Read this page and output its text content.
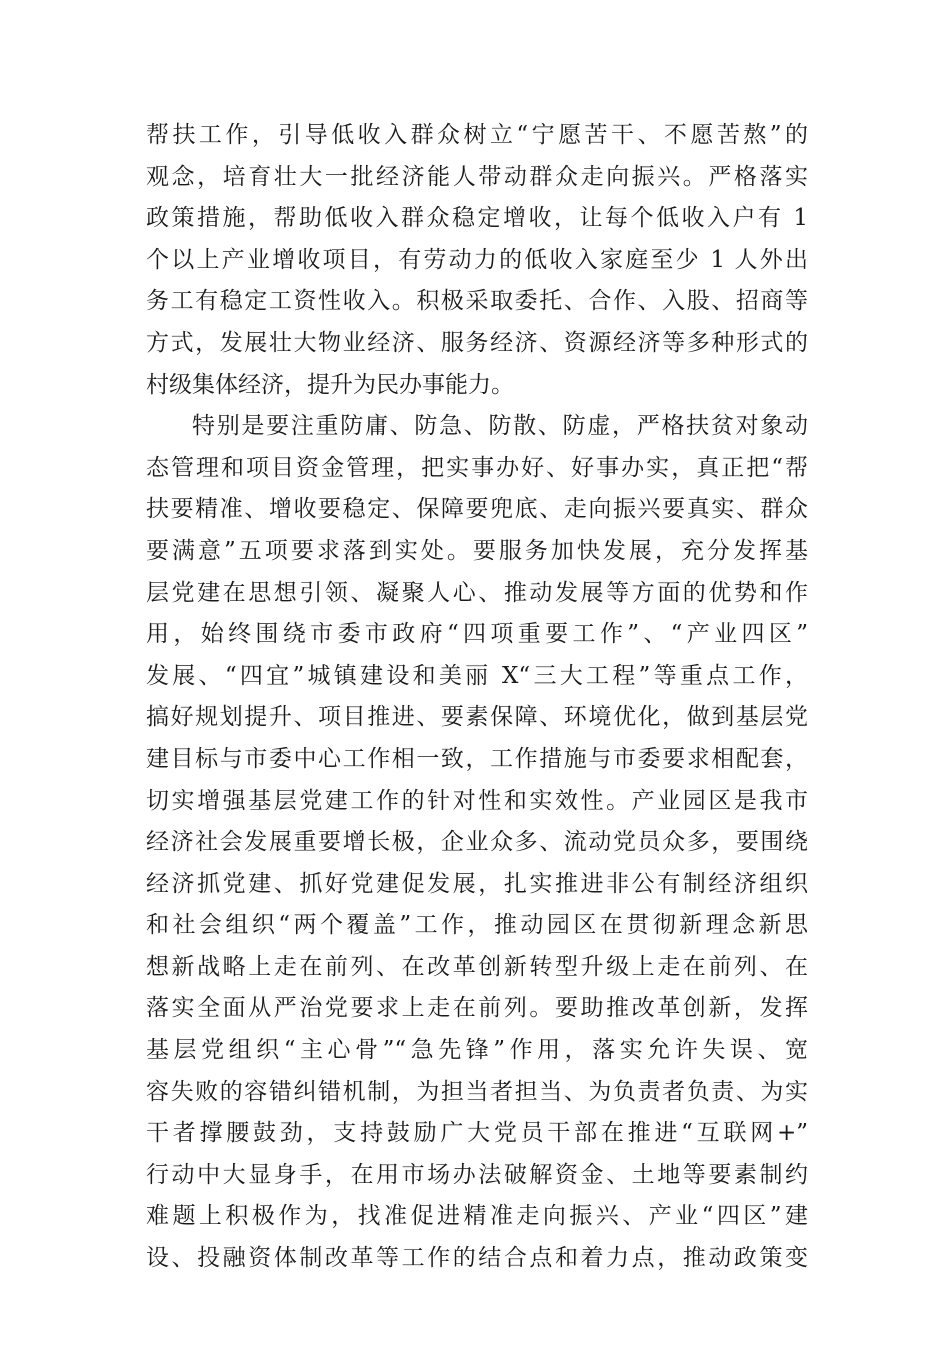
帮扶工作，引导低收入群众树立“宁愿苦干、不愿苦熬”的
观念，培育壮大一批经济能人带动群众走向振兴。严格落实
政策措施，帮助低收入群众稳定增收，让每个低收入户有 1
个以上产业增收项目，有劳动力的低收入家庭至少 1 人外出
务工有稳定工资性收入。积极采取委托、合作、入股、招商等
方式，发展壮大物业经济、服务经济、资源经济等多种形式的
村级集体经济，提升为民办事能力。
特别是要注重防庸、防急、防散、防虚，严格扶贫对象动
态管理和项目资金管理，把实事办好、好事办实，真正把“帮
扶要精准、增收要稳定、保障要兜底、走向振兴要真实、群众
要满意”五项要求落到实处。要服务加快发展，充分发挥基
层党建在思想引领、凝聚人心、推动发展等方面的优势和作
用，始终围绕市委市政府“四项重要工作”、“产业四区”
发展、“四宜”城镇建设和美丽 X“三大工程”等重点工作，
搞好规划提升、项目推进、要素保障、环境优化，做到基层党
建目标与市委中心工作相一致，工作措施与市委要求相配套，
切实增强基层党建工作的针对性和实效性。产业园区是我市
经济社会发展重要增长极，企业众多、流动党员众多，要围绕
经济抓党建、抓好党建促发展，扎实推进非公有制经济组织
和社会组织“两个覆盖”工作，推动园区在贯彻新理念新思
想新战略上走在前列、在改革创新转型升级上走在前列、在
落实全面从严治党要求上走在前列。要助推改革创新，发挥
基层党组织“主心骨”“急先锋”作用，落实允许失误、宽
容失败的容错纠错机制，为担当者担当、为负责者负责、为实
干者撑腰鼓劲，支持鼓励广大党员干部在推进“互联网+”
行动中大显身手，在用市场办法破解资金、土地等要素制约
难题上积极作为，找准促进精准走向振兴、产业“四区”建
设、投融资体制改革等工作的结合点和着力点，推动政策变
